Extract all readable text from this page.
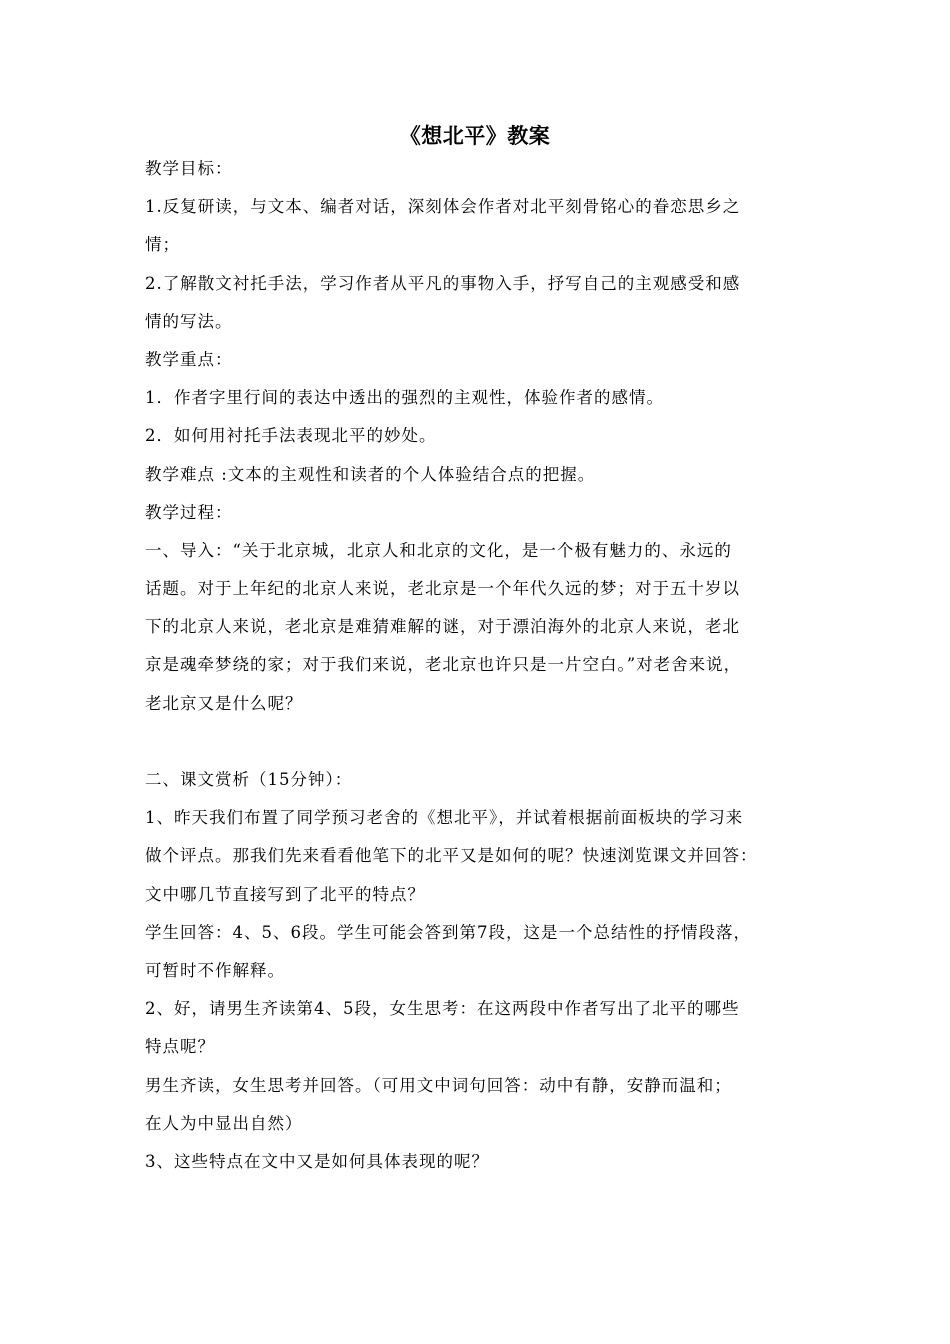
《想北平》教案
教学目标：
1.反复研读，与文本、编者对话，深刻体会作者对北平刻骨铭心的眷恋思乡之
情；
2.了解散文衬托手法，学习作者从平凡的事物入手，抒写自己的主观感受和感
情的写法。
教学重点：
1．作者字里行间的表达中透出的强烈的主观性，体验作者的感情。
2．如何用衬托手法表现北平的妙处。
教学难点 :文本的主观性和读者的个人体验结合点的把握。
教学过程：
一、导入：“关于北京城，北京人和北京的文化，是一个极有魅力的、永远的
话题。对于上年纪的北京人来说，老北京是一个年代久远的梦；对于五十岁以
下的北京人来说，老北京是难猜难解的谜，对于漂泊海外的北京人来说，老北
京是魂牵梦绕的家；对于我们来说，老北京也许只是一片空白。”对老舍来说，
老北京又是什么呢？
二、课文赏析（15分钟）：
1、昨天我们布置了同学预习老舍的《想北平》，并试着根据前面板块的学习来
做个评点。那我们先来看看他笔下的北平又是如何的呢？快速浏览课文并回答：
文中哪几节直接写到了北平的特点？
学生回答：4、5、6段。学生可能会答到第7段，这是一个总结性的抒情段落，
可暂时不作解释。
2、好，请男生齐读第4、5段，女生思考：在这两段中作者写出了北平的哪些
特点呢？
男生齐读，女生思考并回答。（可用文中词句回答：动中有静，安静而温和；
在人为中显出自然）
3、这些特点在文中又是如何具体表现的呢？
